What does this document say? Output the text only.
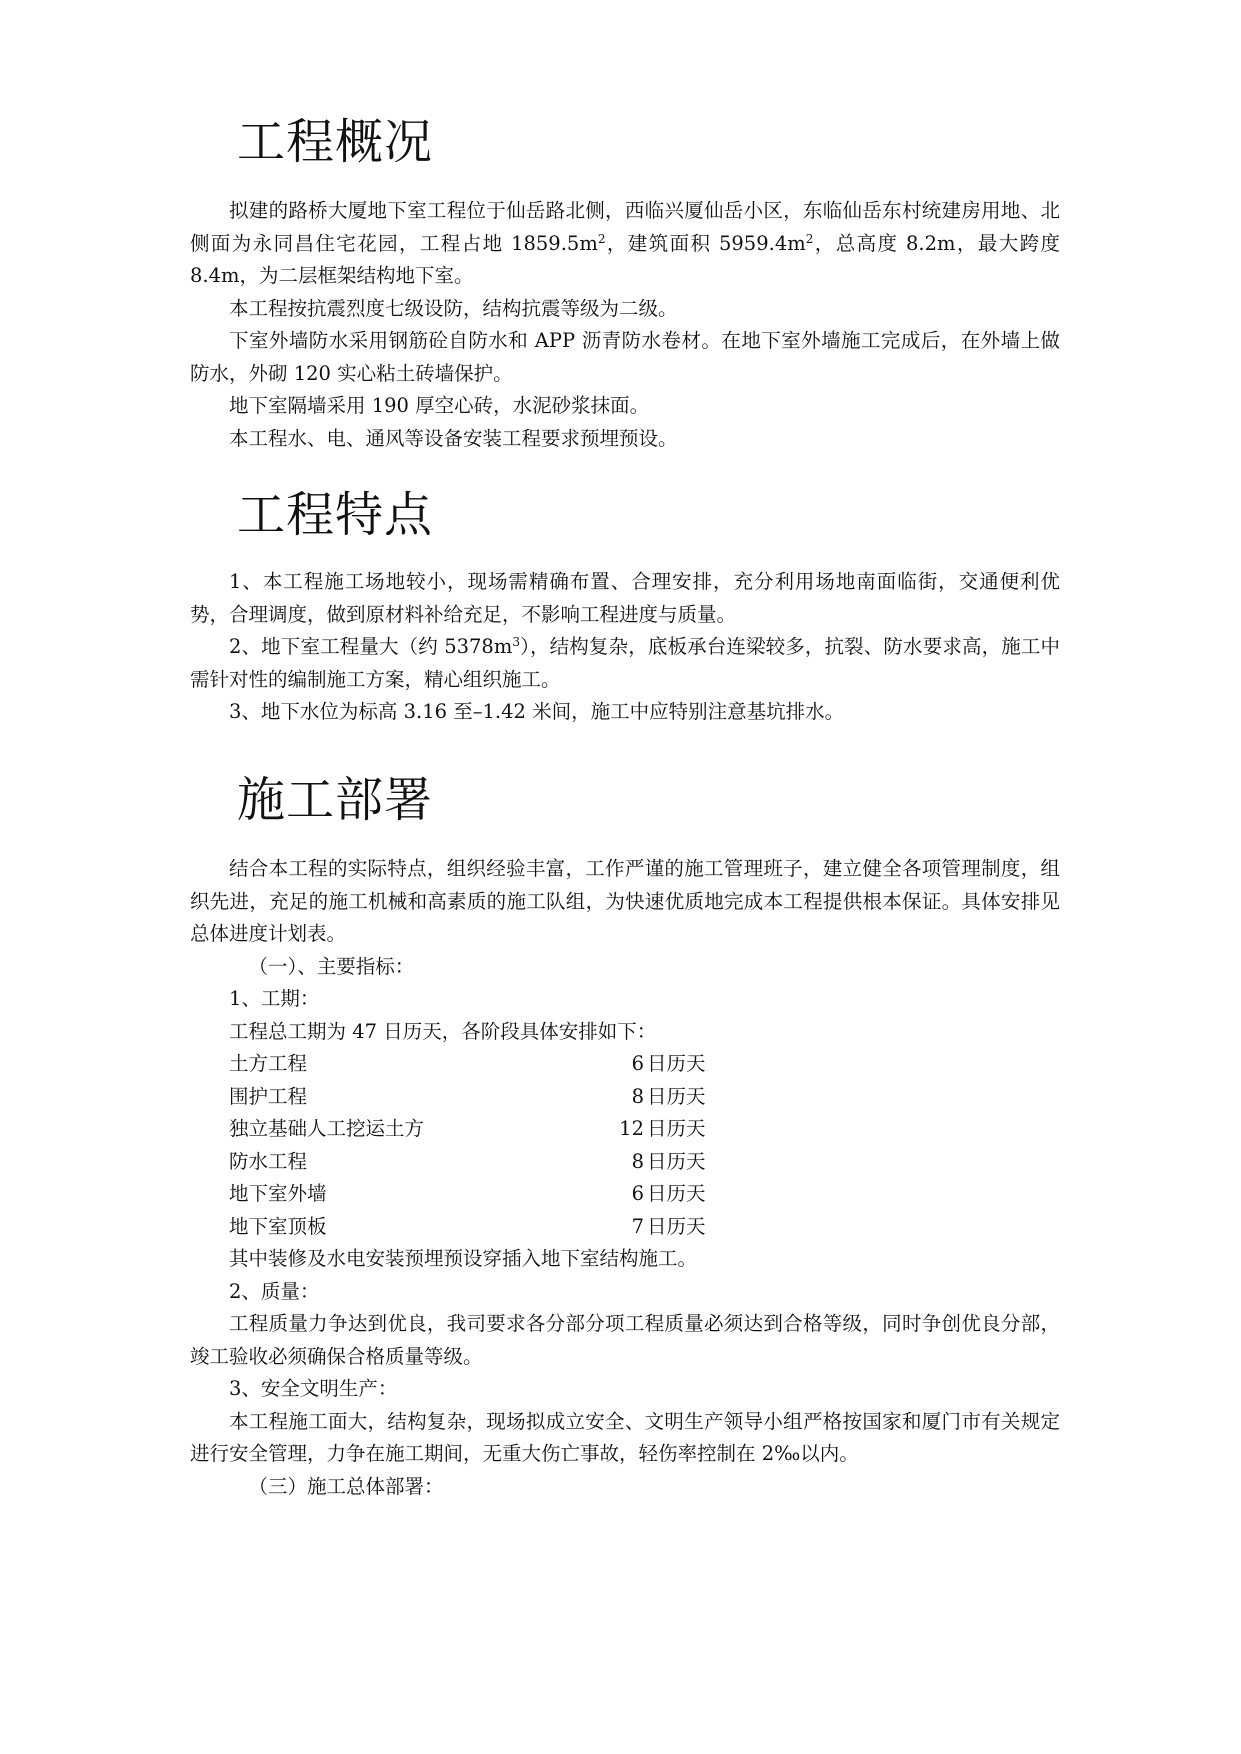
工程概况

拟建的路桥大厦地下室工程位于仙岳路北侧，西临兴厦仙岳小区，东临仙岳东村统建房用地、北侧面为永同昌住宅花园，工程占地 $1859.5m^2$，建筑面积 $5959.4m^2$，总高度 8.2m，最大跨度 8.4m，为二层框架结构地下室。

本工程按抗震烈度七级设防，结构抗震等级为二级。

下室外墙防水采用钢筋砼自防水和 APP 沥青防水卷材。在地下室外墙施工完成后，在外墙上做防水，外砌 120 实心粘土砖墙保护。

地下室隔墙采用 190 厚空心砖，水泥砂浆抹面。

本工程水、电、通风等设备安装工程要求预埋预设。

工程特点

1、本工程施工场地较小，现场需精确布置、合理安排，充分利用场地南面临街，交通便利优势，合理调度，做到原材料补给充足，不影响工程进度与质量。

2、地下室工程量大（约 $5378m^3$），结构复杂，底板承台连梁较多，抗裂、防水要求高，施工中需针对性的编制施工方案，精心组织施工。

3、地下水位为标高 3.16 至–1.42 米间，施工中应特别注意基坑排水。

施工部署

结合本工程的实际特点，组织经验丰富，工作严谨的施工管理班子，建立健全各项管理制度，组织先进，充足的施工机械和高素质的施工队组，为快速优质地完成本工程提供根本保证。具体安排见总体进度计划表。

（一）、主要指标：

1、工期：

工程总工期为 47 日历天，各阶段具体安排如下：

土方工程	6 日历天
围护工程	8 日历天
独立基础人工挖运土方	12 日历天
防水工程	8 日历天
地下室外墙	6 日历天
地下室顶板	7 日历天

其中装修及水电安装预埋预设穿插入地下室结构施工。

2、质量：

工程质量力争达到优良，我司要求各分部分项工程质量必须达到合格等级，同时争创优良分部，竣工验收必须确保合格质量等级。

3、安全文明生产：

本工程施工面大，结构复杂，现场拟成立安全、文明生产领导小组严格按国家和厦门市有关规定进行安全管理，力争在施工期间，无重大伤亡事故，轻伤率控制在 2‰以内。

（三）施工总体部署：
